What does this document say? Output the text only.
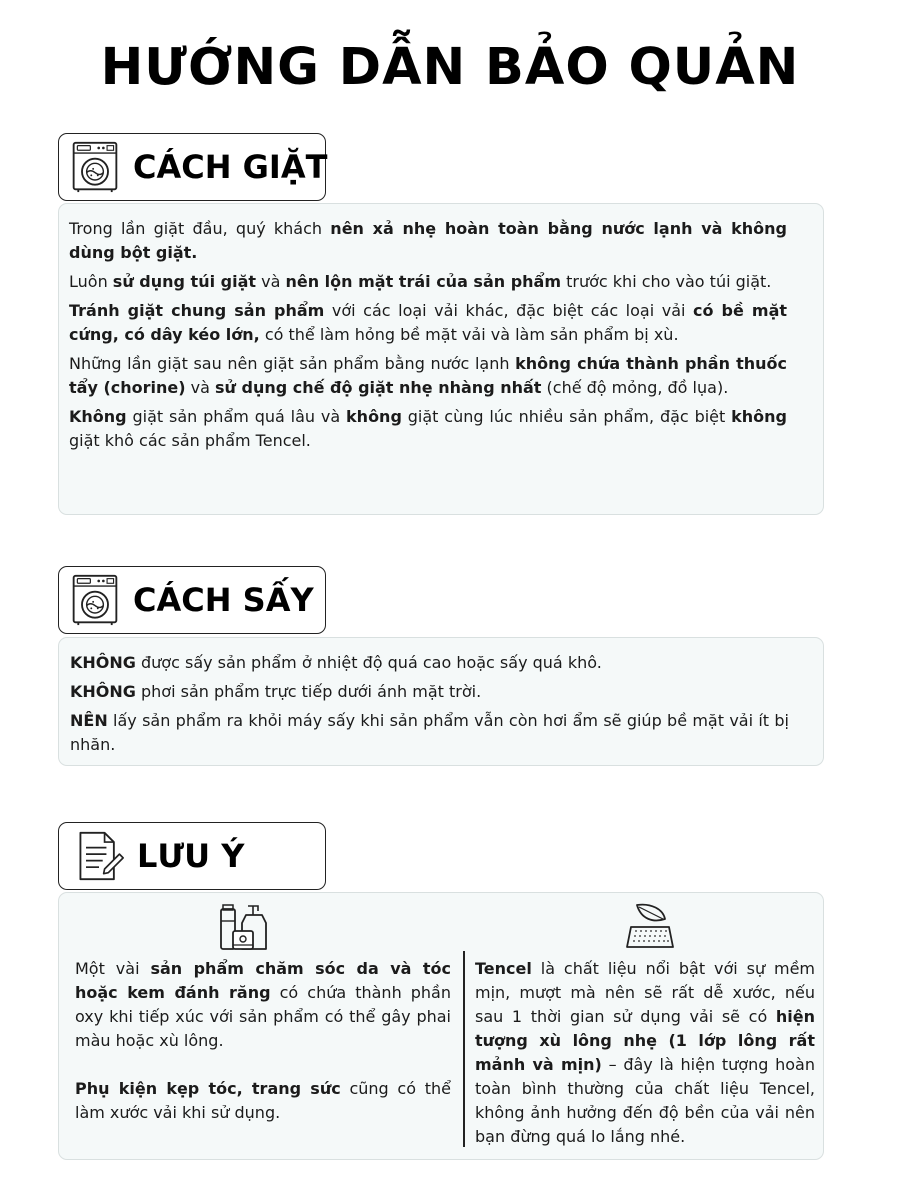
HƯỚNG DẪN BẢO QUẢN
CÁCH GIẶT

Trong lần giặt đầu, quý khách nên xả nhẹ hoàn toàn bằng nước lạnh và không dùng bột giặt.

Luôn sử dụng túi giặt và nên lộn mặt trái của sản phẩm trước khi cho vào túi giặt.

Tránh giặt chung sản phẩm với các loại vải khác, đặc biệt các loại vải có bề mặt cứng, có dây kéo lớn, có thể làm hỏng bề mặt vải và làm sản phẩm bị xù.

Những lần giặt sau nên giặt sản phẩm bằng nước lạnh không chứa thành phần thuốc tẩy (chorine) và sử dụng chế độ giặt nhẹ nhàng nhất (chế độ mỏng, đồ lụa).

Không giặt sản phẩm quá lâu và không giặt cùng lúc nhiều sản phẩm, đặc biệt không giặt khô các sản phẩm Tencel.

CÁCH SẤY

KHÔNG được sấy sản phẩm ở nhiệt độ quá cao hoặc sấy quá khô.

KHÔNG phơi sản phẩm trực tiếp dưới ánh mặt trời.

NÊN lấy sản phẩm ra khỏi máy sấy khi sản phẩm vẫn còn hơi ẩm sẽ giúp bề mặt vải ít bị nhăn.

LƯU Ý
Một vài sản phẩm chăm sóc da và tóc hoặc kem đánh răng có chứa thành phần oxy khi tiếp xúc với sản phẩm có thể gây phai màu hoặc xù lông.
Phụ kiện kẹp tóc, trang sức cũng có thể làm xước vải khi sử dụng.
Tencel là chất liệu nổi bật với sự mềm mịn, mượt mà nên sẽ rất dễ xước, nếu sau 1 thời gian sử dụng vải sẽ có hiện tượng xù lông nhẹ (1 lớp lông rất mảnh và mịn) – đây là hiện tượng hoàn toàn bình thường của chất liệu Tencel, không ảnh hưởng đến độ bền của vải nên bạn đừng quá lo lắng nhé.
